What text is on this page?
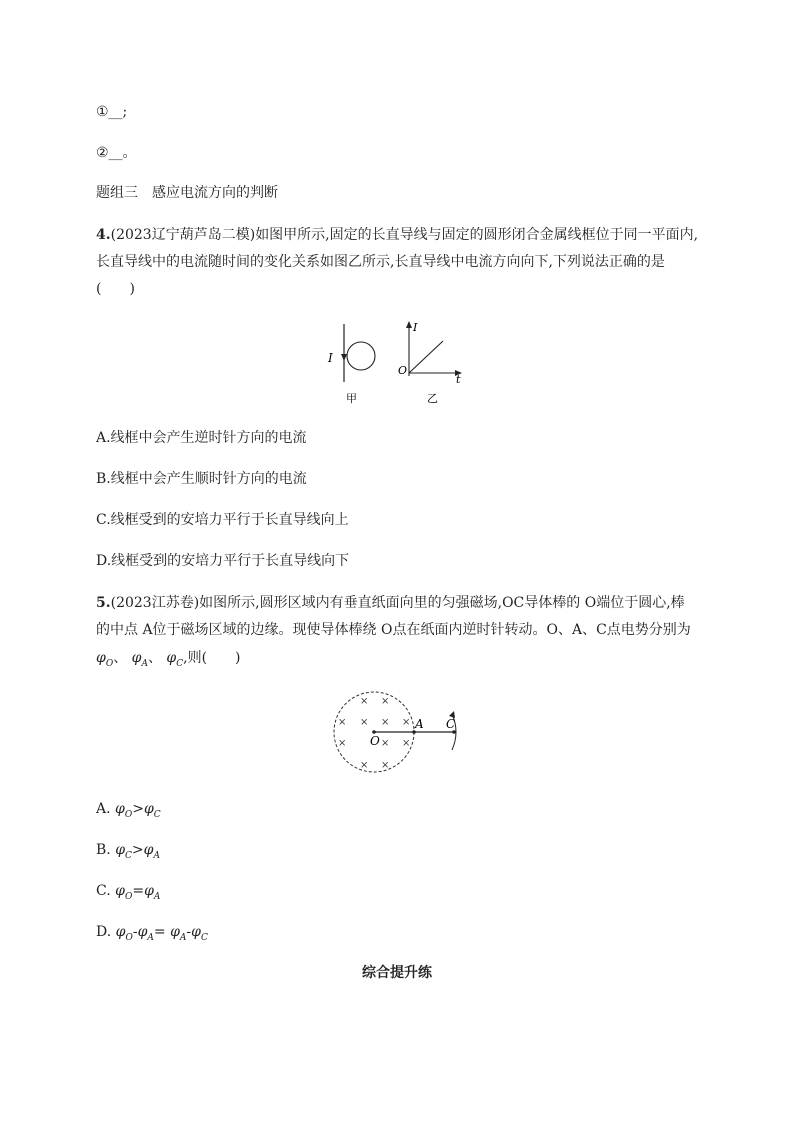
①__;
②__。
题组三　感应电流方向的判断
4.(2023辽宁葫芦岛二模)如图甲所示,固定的长直导线与固定的圆形闭合金属线框位于同一平面内,
长直导线中的电流随时间的变化关系如图乙所示,长直导线中电流方向向下,下列说法正确的是
(　　)
I
甲
I
t
O
乙
A.线框中会产生逆时针方向的电流
B.线框中会产生顺时针方向的电流
C.线框受到的安培力平行于长直导线向上
D.线框受到的安培力平行于长直导线向下
5.(2023江苏卷)如图所示,圆形区域内有垂直纸面向里的匀强磁场,OC导体棒的 O端位于圆心,棒
的中点 A位于磁场区域的边缘。现使导体棒绕 O点在纸面内逆时针转动。O、A、C点电势分别为
$\varphi_O$、 $\varphi_A$、 $\varphi_C$,则(　　)
× ×
× × × ×
×	× ×
× ×
O
A C
A. $\varphi_O>\varphi_C$
B. $\varphi_C>\varphi_A$
C. $\varphi_O=\varphi_A$
D. $\varphi_O-\varphi_A= \varphi_A-\varphi_C$
综合提升练
